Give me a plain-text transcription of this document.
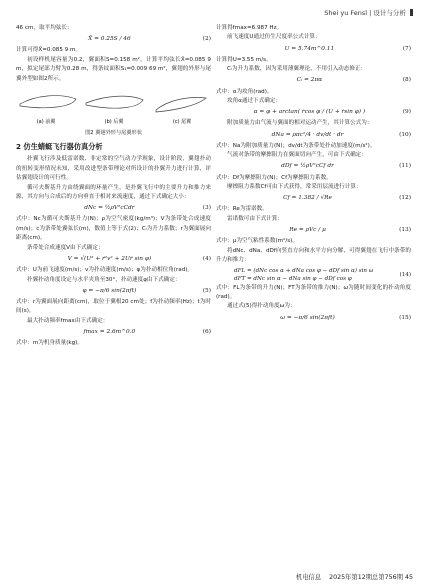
Shei yu Fensl | 设计与分析

46 cm，取平均弦长：

X̄ = 0.25S / 46	(2)

计算可得X̄=0.085 9 m。

初设样机尾容量为0.2，翼面积S=0.158 m²，计算平均弦长X̄=0.085 9 m，拟定尾部力臂为0.28 m，得条纹面积S₁=0.009 69 m²，翼翅的外形与尾翼外型如图2所示。

(a) 前翼	(b) 后翼	(c) 尾翼
图2 翼翅外形与尾翼形状
2 仿生蜻蜓飞行器仿真分析

扑翼飞行涉及低雷诺数、非定常的空气动力学现象，设计阶段，翼翅扑动的扭转变形情况未知，采用改进型条带理论对所设计的扑翼升力进行计算，评估翼翅设计的可行性。

循可夫斯基升力由绕翼面的环量产生，是扑翼飞行中的主要升力和推力来源，其方向与合成后的方向垂直于相对来流速度，通过下式确定大小：

dNc = ½ρV²cCdr	(3)

式中：Nc为循可夫斯基升力(N)；ρ为空气密度(kg/m³)；V为条带处合成速度(m/s)；c为条带处翼弦长(m)，数值上等于式(2)；Cᵢ为升力系数；r为翼面展向距离(cm)。

条带处合成速度V由下式确定：

V = √(U² + ṙ²v² + 2Uṙ sin φ)	(4)

式中：U为前飞速度(m/s)；v为扑动速度(m/s)；φ为扑动相位角(rad)。

扑翼扑动角度设定与水平夹角至30°，扑动速度φ由下式确定：

φ = −π/6 sin(2πft)	(5)

式中：r为翼面展向距离(cm)，取位于翼根20 cm处；f为扑动频率(Hz)；t为时间(s)。

最大扑动频率fmax由下式确定：

fmax = 2.6m^0.0	(6)

式中：m为机身质量(kg)。

计算得fmax=6.987 Hz。

前飞速度U通过仿生尺度率公式计算：

U = 5.74m^0.11	(7)

计算得U=3.55 m/s。

Cᵢ为升力系数，因为采用薄翼理论，不用引入动态修正：

Cᵢ = 2πα	(8)

式中：α为攻角(rad)。

攻角α通过下式确定：

α = φ + arctan( ṙcos φ / (U + ṙsin φ) )	(9)

附加质量力由气流与翼面的相对运动产生，其计算公式为：

dNa = ρπc²/4 · dv/dt · dr	(10)

式中：Na为附加质量力(N)；dv/dt为条带处扑动加速度(m/s²)。

气流对条带的摩擦阻力在翼面切向产生，可由下式确定：

dDf = ½ρV²cCf dr	(11)

式中：Df为摩擦阻力(N)；Cf为摩擦阻力系数。

摩擦阻力系数Cf可由下式获得，常采用层流进行计算：

Cf = 1.382 / √Re	(12)

式中：Re为雷诺数。

雷诺数可由下式计算：

Re = ρVc / μ	(13)

式中：μ为空气粘性系数(m²/s)。

将dNc、dNa、dDf向竖直方向和水平方向分解，可得翼翅在飞行中条带的升力和推力：

dFL = (dNc cos α + dNa cos φ − dDf sin α) sin ω
dFT = dNc sin α − dNa sin φ − dDf cos φ
(14)

式中：FL为条带的升力(N)；FT为条带的推力(N)；ω为随时间变化的扑动角度(rad)。

通过式(5)得扑动角度ω为：

ω = −π/6 sin(2πft)	(15)
机电信息 2025年第12期总第756期 45
